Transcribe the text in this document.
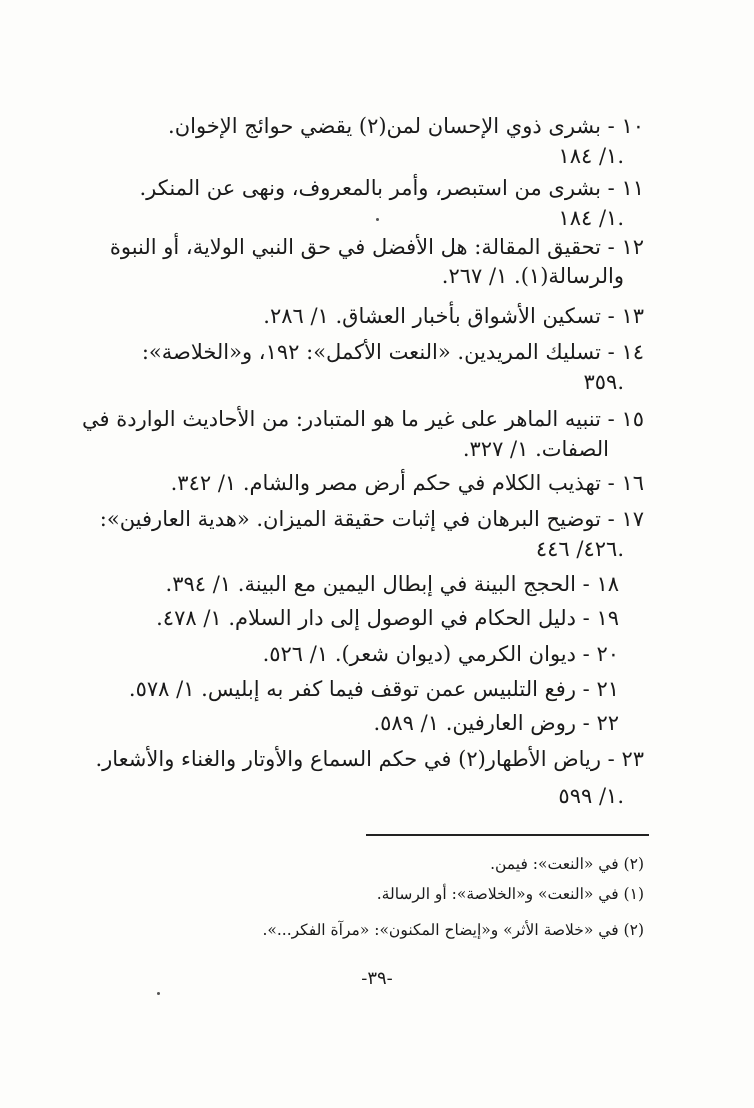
١٠ - بشرى ذوي الإحسان لمن(٢) يقضي حوائج الإخوان.
١/ ١٨٤.
١١ - بشرى من استبصر، وأمر بالمعروف، ونهى عن المنكر.
١/ ١٨٤.
١٢ - تحقيق المقالة: هل الأفضل في حق النبي الولاية، أو النبوة
والرسالة(١). ١/ ٢٦٧.
١٣ - تسكين الأشواق بأخبار العشاق. ١/ ٢٨٦.
١٤ - تسليك المريدين. «النعت الأكمل»: ١٩٢، و«الخلاصة»:
٣٥٩.
١٥ - تنبيه الماهر على غير ما هو المتبادر: من الأحاديث الواردة في
الصفات. ١/ ٣٢٧.
١٦ - تهذيب الكلام في حكم أرض مصر والشام. ١/ ٣٤٢.
١٧ - توضيح البرهان في إثبات حقيقة الميزان. «هدية العارفين»:
٤٢٦/ ٤٤٦.
١٨ - الحجج البينة في إبطال اليمين مع البينة. ١/ ٣٩٤.
١٩ - دليل الحكام في الوصول إلى دار السلام. ١/ ٤٧٨.
٢٠ - ديوان الكرمي (ديوان شعر). ١/ ٥٢٦.
٢١ - رفع التلبيس عمن توقف فيما كفر به إبليس. ١/ ٥٧٨.
٢٢ - روض العارفين. ١/ ٥٨٩.
٢٣ - رياض الأطهار(٢) في حكم السماع والأوتار والغناء والأشعار.
١/ ٥٩٩.
(٢) في «النعت»: فيمن.
(١) في «النعت» و«الخلاصة»: أو الرسالة.
(٢) في «خلاصة الأثر» و«إيضاح المكنون»: «مرآة الفكر...».
-٣٩-
